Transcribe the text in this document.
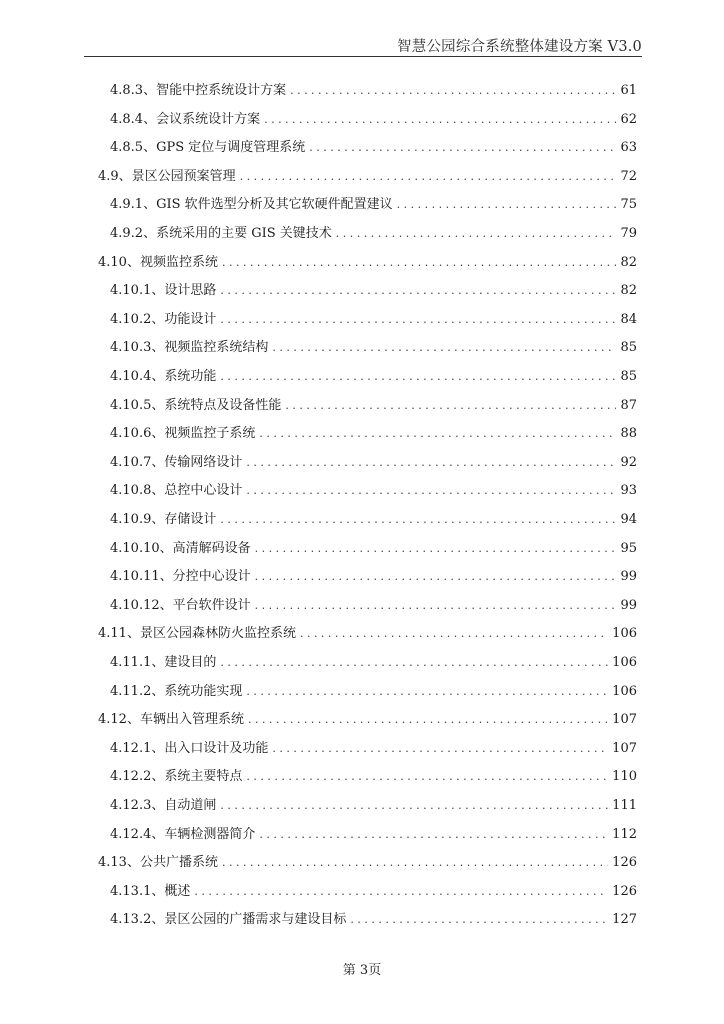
智慧公园综合系统整体建设方案 V3.0
4.8.3、智能中控系统设计方案 . . .	61
4.8.4、会议系统设计方案 . . .	62
4.8.5、GPS 定位与调度管理系统 . . .	63
4.9、景区公园预案管理 . . .	72
4.9.1、GIS 软件选型分析及其它软硬件配置建议 . . .	75
4.9.2、系统采用的主要 GIS 关键技术 . . .	79
4.10、视频监控系统 . . .	82
4.10.1、设计思路 . . .	82
4.10.2、功能设计 . . .	84
4.10.3、视频监控系统结构 . . .	85
4.10.4、系统功能 . . .	85
4.10.5、系统特点及设备性能 . . .	87
4.10.6、视频监控子系统 . . .	88
4.10.7、传输网络设计 . . .	92
4.10.8、总控中心设计 . . .	93
4.10.9、存储设计 . . .	94
4.10.10、高清解码设备 . . .	95
4.10.11、分控中心设计 . . .	99
4.10.12、平台软件设计 . . .	99
4.11、景区公园森林防火监控系统 . . .	106
4.11.1、建设目的 . . .	106
4.11.2、系统功能实现 . . .	106
4.12、车辆出入管理系统 . . .	107
4.12.1、出入口设计及功能 . . .	107
4.12.2、系统主要特点 . . .	110
4.12.3、自动道闸 . . .	111
4.12.4、车辆检测器简介 . . .	112
4.13、公共广播系统 . . .	126
4.13.1、概述 . . .	126
4.13.2、景区公园的广播需求与建设目标 . . .	127
第 3页
